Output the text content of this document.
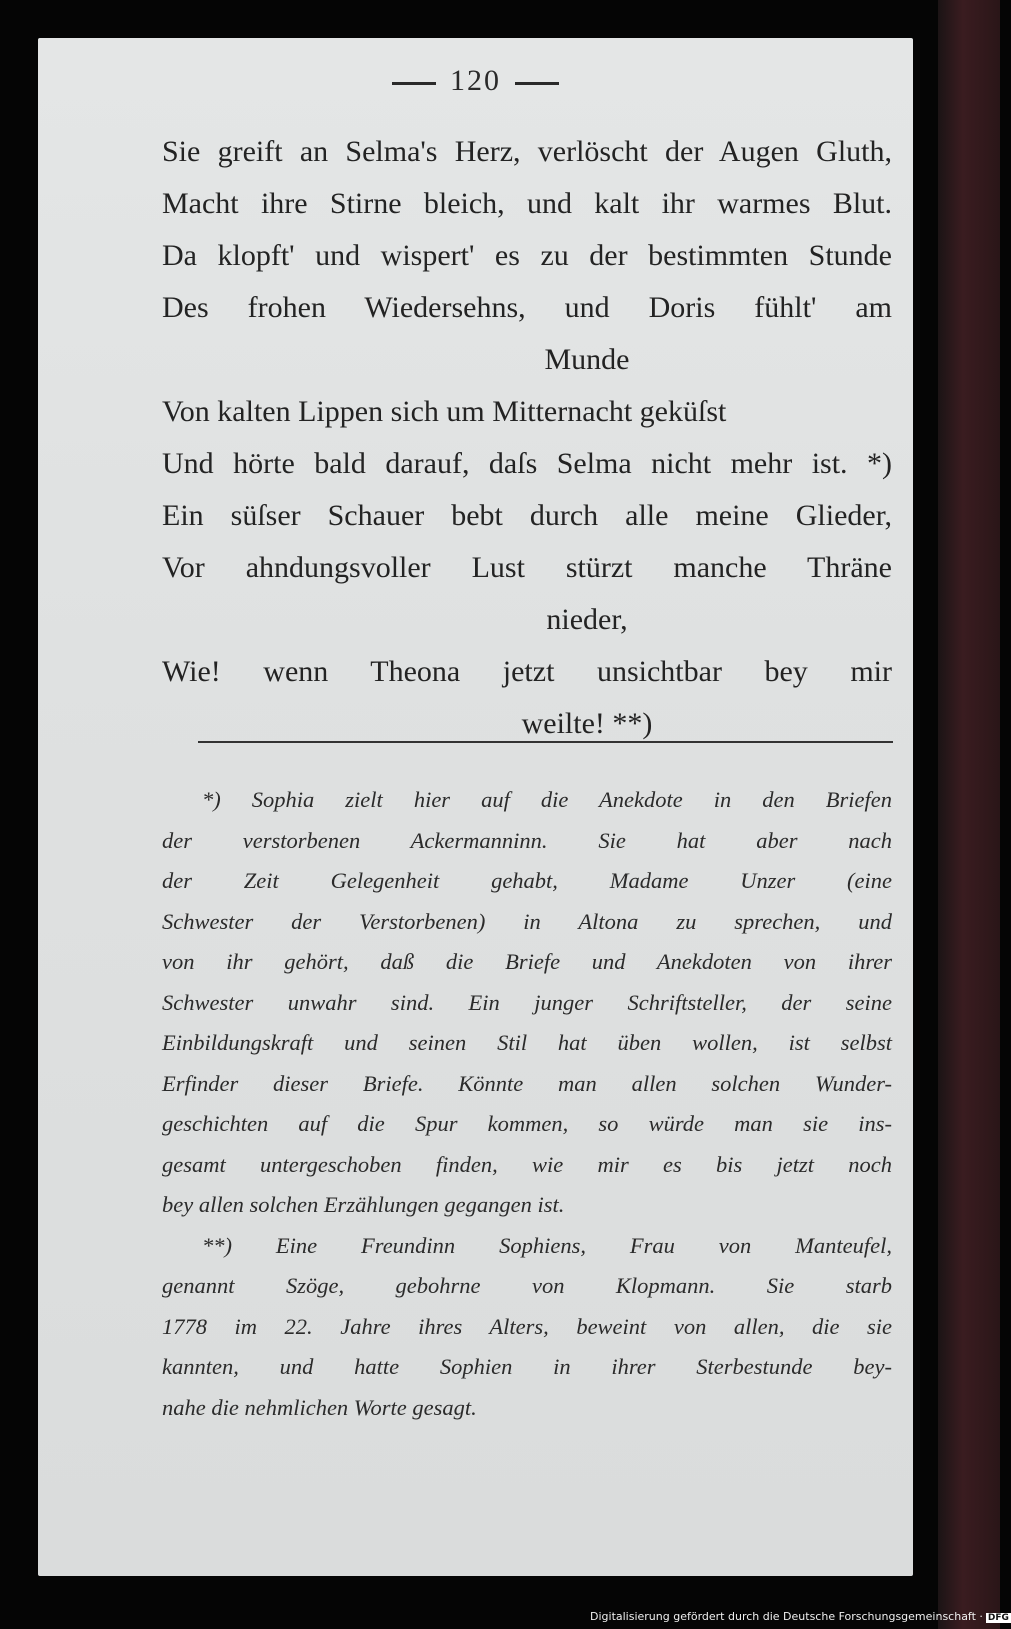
120
Sie greift an Selma's Herz, verlöscht der Augen Gluth,
Macht ihre Stirne bleich, und kalt ihr warmes Blut.
Da klopft' und wispert' es zu der bestimmten Stunde
Des frohen Wiedersehns, und Doris fühlt' am
Munde
Von kalten Lippen sich um Mitternacht geküſst
Und hörte bald darauf, daſs Selma nicht mehr ist. *)
Ein süſser Schauer bebt durch alle meine Glieder,
Vor ahndungsvoller Lust stürzt manche Thräne
nieder,
Wie! wenn Theona jetzt unsichtbar bey mir
weilte! **)
*) Sophia zielt hier auf die Anekdote in den Briefen
der verstorbenen Ackermanninn. Sie hat aber nach
der Zeit Gelegenheit gehabt, Madame Unzer (eine
Schwester der Verstorbenen) in Altona zu sprechen, und
von ihr gehört, daß die Briefe und Anekdoten von ihrer
Schwester unwahr sind. Ein junger Schriftsteller, der seine
Einbildungskraft und seinen Stil hat üben wollen, ist selbst
Erfinder dieser Briefe. Könnte man allen solchen Wunder-
geschichten auf die Spur kommen, so würde man sie ins-
gesamt untergeschoben finden, wie mir es bis jetzt noch
bey allen solchen Erzählungen gegangen ist.
**) Eine Freundinn Sophiens, Frau von Manteufel,
genannt Szöge, gebohrne von Klopmann. Sie starb
1778 im 22. Jahre ihres Alters, beweint von allen, die sie
kannten, und hatte Sophien in ihrer Sterbestunde bey-
nahe die nehmlichen Worte gesagt.
Digitalisierung gefördert durch die Deutsche Forschungsgemeinschaft · DFG
